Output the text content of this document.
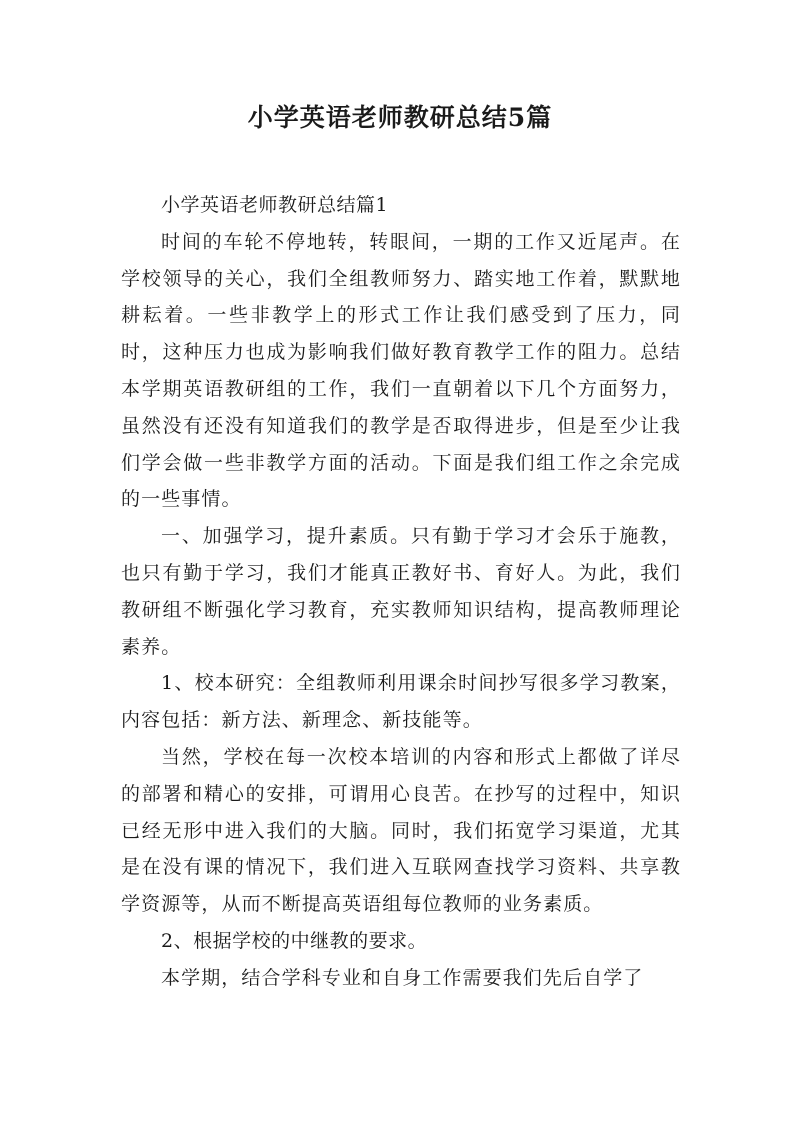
小学英语老师教研总结5篇

小学英语老师教研总结篇1

时间的车轮不停地转，转眼间，一期的工作又近尾声。在学校领导的关心，我们全组教师努力、踏实地工作着，默默地耕耘着。一些非教学上的形式工作让我们感受到了压力，同时，这种压力也成为影响我们做好教育教学工作的阻力。总结本学期英语教研组的工作，我们一直朝着以下几个方面努力，虽然没有还没有知道我们的教学是否取得进步，但是至少让我们学会做一些非教学方面的活动。下面是我们组工作之余完成的一些事情。

一、加强学习，提升素质。只有勤于学习才会乐于施教，也只有勤于学习，我们才能真正教好书、育好人。为此，我们教研组不断强化学习教育，充实教师知识结构，提高教师理论素养。

1、校本研究：全组教师利用课余时间抄写很多学习教案，内容包括：新方法、新理念、新技能等。

当然，学校在每一次校本培训的内容和形式上都做了详尽的部署和精心的安排，可谓用心良苦。在抄写的过程中，知识已经无形中进入我们的大脑。同时，我们拓宽学习渠道，尤其是在没有课的情况下，我们进入互联网查找学习资料、共享教学资源等，从而不断提高英语组每位教师的业务素质。

2、根据学校的中继教的要求。

本学期，结合学科专业和自身工作需要我们先后自学了
